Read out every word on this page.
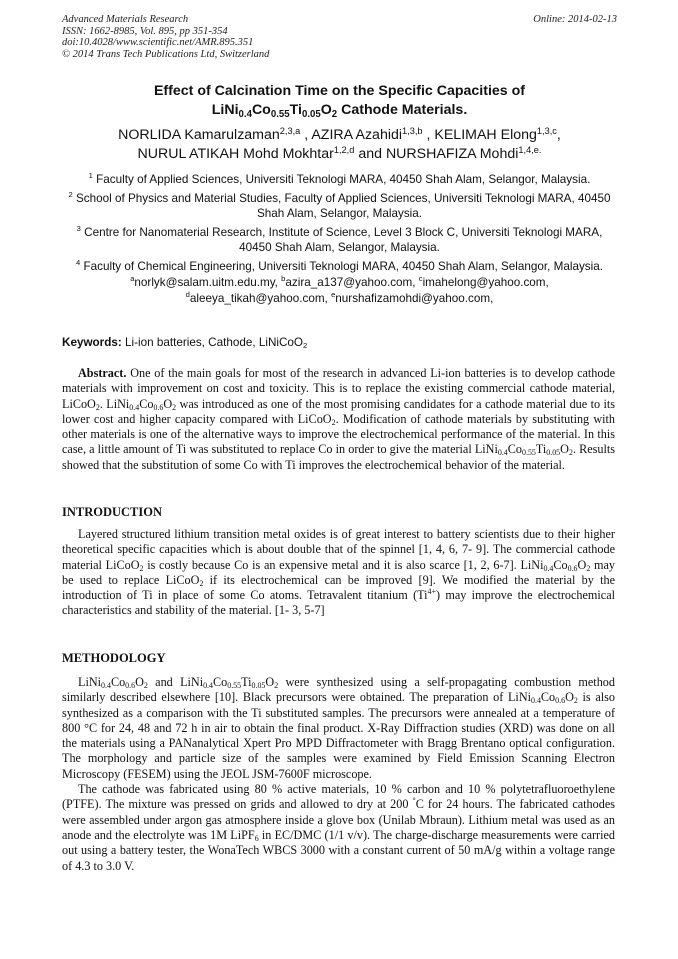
Advanced Materials Research
ISSN: 1662-8985, Vol. 895, pp 351-354
doi:10.4028/www.scientific.net/AMR.895.351
© 2014 Trans Tech Publications Ltd, Switzerland
Online: 2014-02-13
Effect of Calcination Time on the Specific Capacities of
$LiNi_{0.4}Co_{0.55}Ti_{0.05}O_2$ Cathode Materials.
NORLIDA Kamarulzaman$^{2,3,a}$ , AZIRA Azahidi$^{1,3,b}$ , KELIMAH Elong$^{1,3,c}$,
NURUL ATIKAH Mohd Mokhtar$^{1,2,d}$ and NURSHAFIZA Mohdi$^{1,4,e.}$

$^1$ Faculty of Applied Sciences, Universiti Teknologi MARA, 40450 Shah Alam, Selangor, Malaysia.

$^2$ School of Physics and Material Studies, Faculty of Applied Sciences, Universiti Teknologi MARA, 40450 Shah Alam, Selangor, Malaysia.

$^3$ Centre for Nanomaterial Research, Institute of Science, Level 3 Block C, Universiti Teknologi MARA, 40450 Shah Alam, Selangor, Malaysia.

$^4$ Faculty of Chemical Engineering, Universiti Teknologi MARA, 40450 Shah Alam, Selangor, Malaysia.

$^a$norlyk@salam.uitm.edu.my, $^b$azira_a137@yahoo.com, $^c$imahelong@yahoo.com,
$^d$aleeya_tikah@yahoo.com, $^e$nurshafizamohdi@yahoo.com,

Keywords: Li-ion batteries, Cathode, LiNiCoO$_2$

Abstract. One of the main goals for most of the research in advanced Li-ion batteries is to develop cathode materials with improvement on cost and toxicity. This is to replace the existing commercial cathode material, LiCoO$_2$. $LiNi_{0.4}Co_{0.6}O_2$ was introduced as one of the most promising candidates for a cathode material due to its lower cost and higher capacity compared with LiCoO$_2$. Modification of cathode materials by substituting with other materials is one of the alternative ways to improve the electrochemical performance of the material. In this case, a little amount of Ti was substituted to replace Co in order to give the material $LiNi_{0.4}Co_{0.55}Ti_{0.05}O_2$. Results showed that the substitution of some Co with Ti improves the electrochemical behavior of the material.

INTRODUCTION

Layered structured lithium transition metal oxides is of great interest to battery scientists due to their higher theoretical specific capacities which is about double that of the spinnel [1, 4, 6, 7- 9]. The commercial cathode material LiCoO$_2$ is costly because Co is an expensive metal and it is also scarce [1, 2, 6-7]. $LiNi_{0.4}Co_{0.6}O_2$ may be used to replace LiCoO$_2$ if its electrochemical can be improved [9]. We modified the material by the introduction of Ti in place of some Co atoms. Tetravalent titanium $(Ti^{4+})$ may improve the electrochemical characteristics and stability of the material. [1- 3, 5-7]

METHODOLOGY

$LiNi_{0.4}Co_{0.6}O_2$ and $LiNi_{0.4}Co_{0.55}Ti_{0.05}O_2$ were synthesized using a self-propagating combustion method similarly described elsewhere [10]. Black precursors were obtained. The preparation of $LiNi_{0.4}Co_{0.6}O_2$ is also synthesized as a comparison with the Ti substituted samples. The precursors were annealed at a temperature of 800 °C for 24, 48 and 72 h in air to obtain the final product. X-Ray Diffraction studies (XRD) was done on all the materials using a PANanalytical Xpert Pro MPD Diffractometer with Bragg Brentano optical configuration. The morphology and particle size of the samples were examined by Field Emission Scanning Electron Microscopy (FESEM) using the JEOL JSM-7600F microscope.

The cathode was fabricated using 80 % active materials, 10 % carbon and 10 % polytetrafluoroethylene (PTFE). The mixture was pressed on grids and allowed to dry at 200 °C for 24 hours. The fabricated cathodes were assembled under argon gas atmosphere inside a glove box (Unilab Mbraun). Lithium metal was used as an anode and the electrolyte was 1M LiPF$_6$ in EC/DMC (1/1 v/v). The charge-discharge measurements were carried out using a battery tester, the WonaTech WBCS 3000 with a constant current of 50 mA/g within a voltage range of 4.3 to 3.0 V.
